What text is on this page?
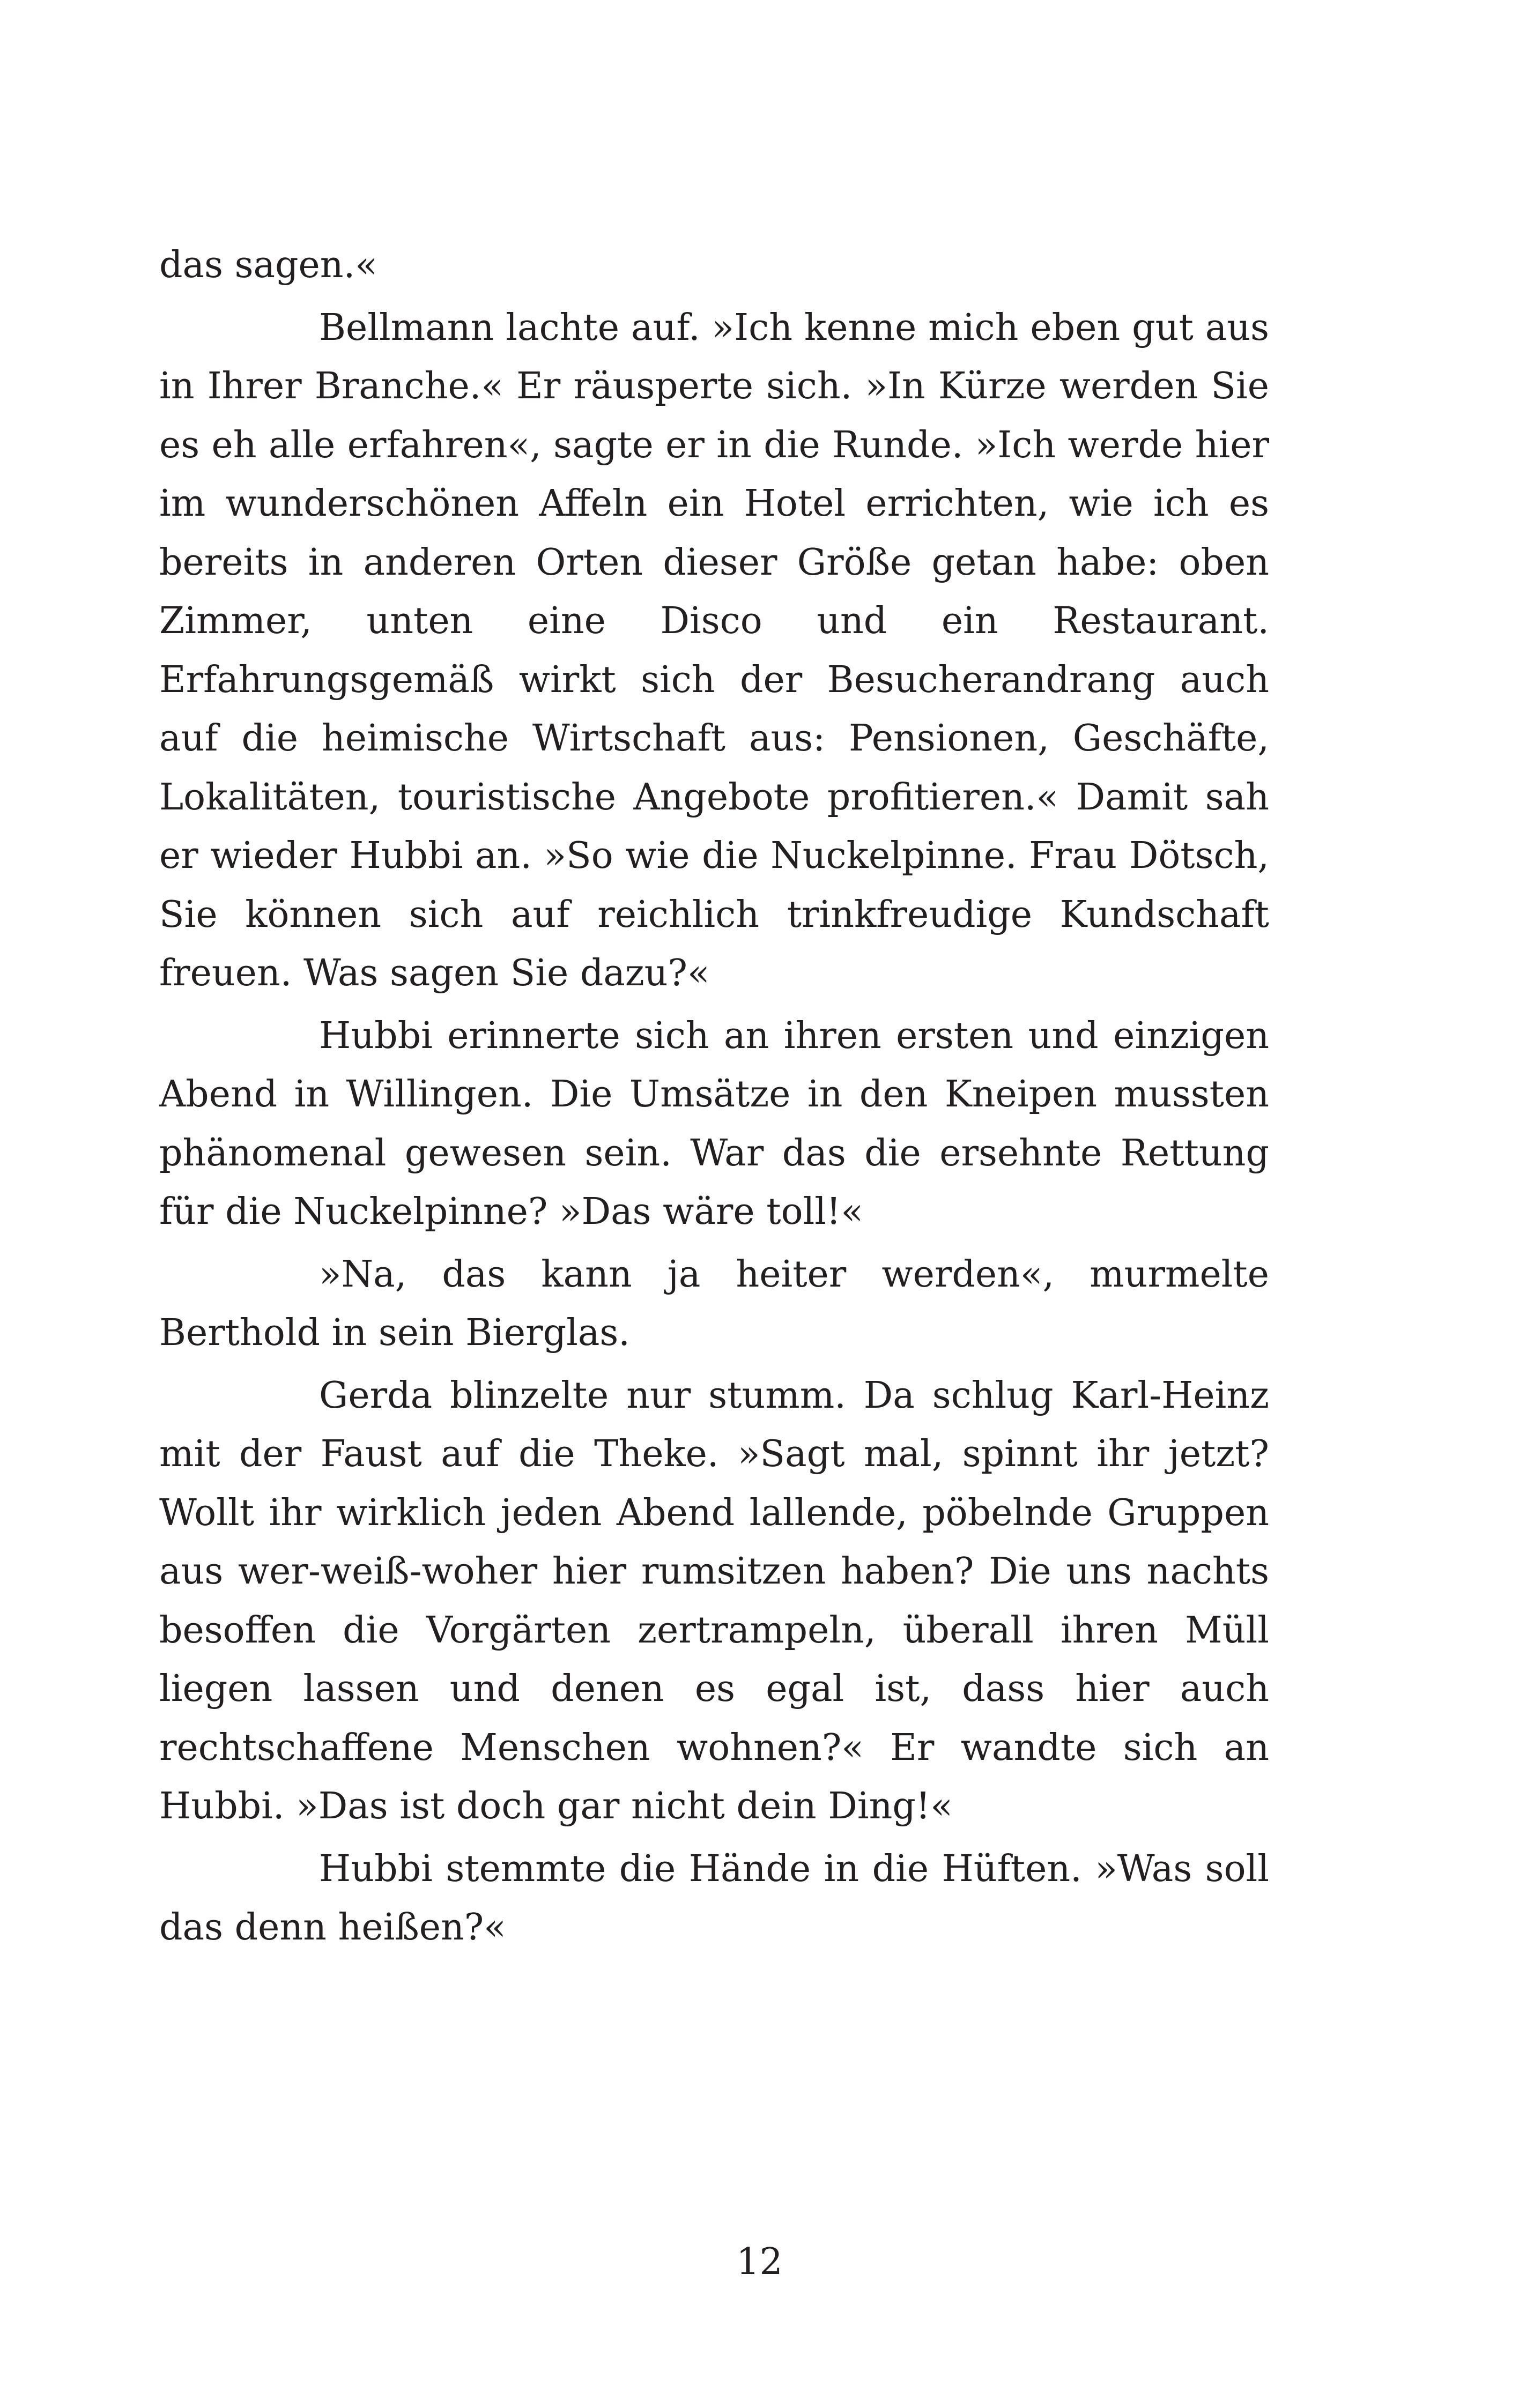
das sagen.«

Bellmann lachte auf. »Ich kenne mich eben gut aus in Ihrer Branche.« Er räusperte sich. »In Kürze werden Sie es eh alle erfahren«, sagte er in die Runde. »Ich werde hier im wunderschönen Affeln ein Hotel errichten, wie ich es bereits in anderen Orten dieser Größe getan habe: oben Zimmer, unten eine Disco und ein Restaurant. Erfahrungsgemäß wirkt sich der Besucherandrang auch auf die heimische Wirtschaft aus: Pensionen, Geschäfte, Lokalitäten, touristische Angebote profitieren.« Damit sah er wieder Hubbi an. »So wie die Nuckelpinne. Frau Dötsch, Sie können sich auf reichlich trinkfreudige Kundschaft freuen. Was sagen Sie dazu?«

Hubbi erinnerte sich an ihren ersten und einzigen Abend in Willingen. Die Umsätze in den Kneipen mussten phänomenal gewesen sein. War das die ersehnte Rettung für die Nuckelpinne? »Das wäre toll!«

»Na, das kann ja heiter werden«, murmelte Berthold in sein Bierglas.

Gerda blinzelte nur stumm. Da schlug Karl-Heinz mit der Faust auf die Theke. »Sagt mal, spinnt ihr jetzt? Wollt ihr wirklich jeden Abend lallende, pöbelnde Gruppen aus wer-weiß-woher hier rumsitzen haben? Die uns nachts besoffen die Vorgärten zertrampeln, überall ihren Müll liegen lassen und denen es egal ist, dass hier auch rechtschaffene Menschen wohnen?« Er wandte sich an Hubbi. »Das ist doch gar nicht dein Ding!«

Hubbi stemmte die Hände in die Hüften. »Was soll das denn heißen?«

12
